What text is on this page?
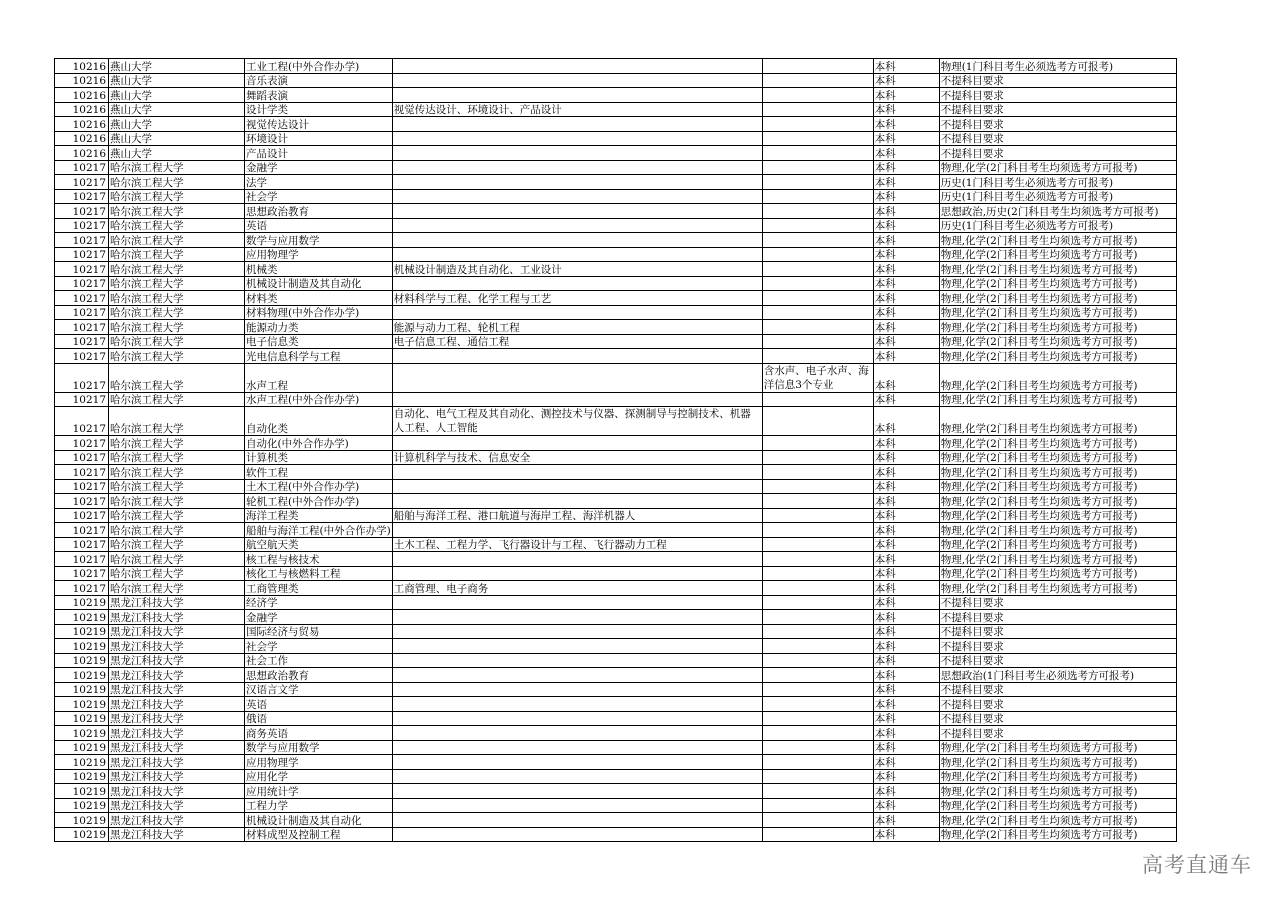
10216	燕山大学	工业工程(中外合作办学)			本科	物理(1门科目考生必须选考方可报考)
10216	燕山大学	音乐表演			本科	不提科目要求
10216	燕山大学	舞蹈表演			本科	不提科目要求
10216	燕山大学	设计学类	视觉传达设计、环境设计、产品设计		本科	不提科目要求
10216	燕山大学	视觉传达设计			本科	不提科目要求
10216	燕山大学	环境设计			本科	不提科目要求
10216	燕山大学	产品设计			本科	不提科目要求
10217	哈尔滨工程大学	金融学			本科	物理,化学(2门科目考生均须选考方可报考)
10217	哈尔滨工程大学	法学			本科	历史(1门科目考生必须选考方可报考)
10217	哈尔滨工程大学	社会学			本科	历史(1门科目考生必须选考方可报考)
10217	哈尔滨工程大学	思想政治教育			本科	思想政治,历史(2门科目考生均须选考方可报考)
10217	哈尔滨工程大学	英语			本科	历史(1门科目考生必须选考方可报考)
10217	哈尔滨工程大学	数学与应用数学			本科	物理,化学(2门科目考生均须选考方可报考)
10217	哈尔滨工程大学	应用物理学			本科	物理,化学(2门科目考生均须选考方可报考)
10217	哈尔滨工程大学	机械类	机械设计制造及其自动化、工业设计		本科	物理,化学(2门科目考生均须选考方可报考)
10217	哈尔滨工程大学	机械设计制造及其自动化			本科	物理,化学(2门科目考生均须选考方可报考)
10217	哈尔滨工程大学	材料类	材料科学与工程、化学工程与工艺		本科	物理,化学(2门科目考生均须选考方可报考)
10217	哈尔滨工程大学	材料物理(中外合作办学)			本科	物理,化学(2门科目考生均须选考方可报考)
10217	哈尔滨工程大学	能源动力类	能源与动力工程、轮机工程		本科	物理,化学(2门科目考生均须选考方可报考)
10217	哈尔滨工程大学	电子信息类	电子信息工程、通信工程		本科	物理,化学(2门科目考生均须选考方可报考)
10217	哈尔滨工程大学	光电信息科学与工程			本科	物理,化学(2门科目考生均须选考方可报考)
10217	哈尔滨工程大学	水声工程		含水声、电子水声、海洋信息3个专业	本科	物理,化学(2门科目考生均须选考方可报考)
10217	哈尔滨工程大学	水声工程(中外合作办学)			本科	物理,化学(2门科目考生均须选考方可报考)
10217	哈尔滨工程大学	自动化类	自动化、电气工程及其自动化、测控技术与仪器、探测制导与控制技术、机器人工程、人工智能		本科	物理,化学(2门科目考生均须选考方可报考)
10217	哈尔滨工程大学	自动化(中外合作办学)			本科	物理,化学(2门科目考生均须选考方可报考)
10217	哈尔滨工程大学	计算机类	计算机科学与技术、信息安全		本科	物理,化学(2门科目考生均须选考方可报考)
10217	哈尔滨工程大学	软件工程			本科	物理,化学(2门科目考生均须选考方可报考)
10217	哈尔滨工程大学	土木工程(中外合作办学)			本科	物理,化学(2门科目考生均须选考方可报考)
10217	哈尔滨工程大学	轮机工程(中外合作办学)			本科	物理,化学(2门科目考生均须选考方可报考)
10217	哈尔滨工程大学	海洋工程类	船舶与海洋工程、港口航道与海岸工程、海洋机器人		本科	物理,化学(2门科目考生均须选考方可报考)
10217	哈尔滨工程大学	船舶与海洋工程(中外合作办学)			本科	物理,化学(2门科目考生均须选考方可报考)
10217	哈尔滨工程大学	航空航天类	土木工程、工程力学、飞行器设计与工程、飞行器动力工程		本科	物理,化学(2门科目考生均须选考方可报考)
10217	哈尔滨工程大学	核工程与核技术			本科	物理,化学(2门科目考生均须选考方可报考)
10217	哈尔滨工程大学	核化工与核燃料工程			本科	物理,化学(2门科目考生均须选考方可报考)
10217	哈尔滨工程大学	工商管理类	工商管理、电子商务		本科	物理,化学(2门科目考生均须选考方可报考)
10219	黑龙江科技大学	经济学			本科	不提科目要求
10219	黑龙江科技大学	金融学			本科	不提科目要求
10219	黑龙江科技大学	国际经济与贸易			本科	不提科目要求
10219	黑龙江科技大学	社会学			本科	不提科目要求
10219	黑龙江科技大学	社会工作			本科	不提科目要求
10219	黑龙江科技大学	思想政治教育			本科	思想政治(1门科目考生必须选考方可报考)
10219	黑龙江科技大学	汉语言文学			本科	不提科目要求
10219	黑龙江科技大学	英语			本科	不提科目要求
10219	黑龙江科技大学	俄语			本科	不提科目要求
10219	黑龙江科技大学	商务英语			本科	不提科目要求
10219	黑龙江科技大学	数学与应用数学			本科	物理,化学(2门科目考生均须选考方可报考)
10219	黑龙江科技大学	应用物理学			本科	物理,化学(2门科目考生均须选考方可报考)
10219	黑龙江科技大学	应用化学			本科	物理,化学(2门科目考生均须选考方可报考)
10219	黑龙江科技大学	应用统计学			本科	物理,化学(2门科目考生均须选考方可报考)
10219	黑龙江科技大学	工程力学			本科	物理,化学(2门科目考生均须选考方可报考)
10219	黑龙江科技大学	机械设计制造及其自动化			本科	物理,化学(2门科目考生均须选考方可报考)
10219	黑龙江科技大学	材料成型及控制工程			本科	物理,化学(2门科目考生均须选考方可报考)
高考直通车
